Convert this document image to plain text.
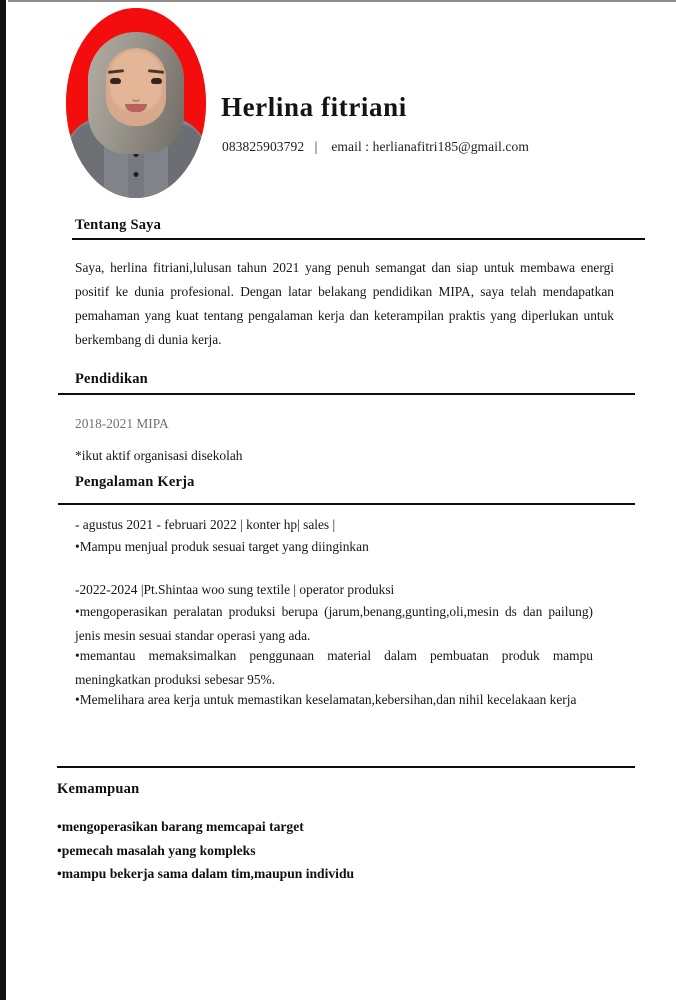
Herlina fitriani
083825903792   |    email : herlianafitri185@gmail.com
Tentang Saya
Saya, herlina fitriani,lulusan tahun 2021 yang penuh semangat dan siap untuk membawa energi positif ke dunia profesional. Dengan latar belakang pendidikan MIPA, saya telah mendapatkan pemahaman yang kuat tentang pengalaman kerja dan keterampilan praktis yang diperlukan untuk berkembang di dunia kerja.
Pendidikan
2018-2021 MIPA
*ikut aktif organisasi disekolah
Pengalaman Kerja
- agustus 2021 - februari 2022 | konter hp| sales |
•Mampu menjual produk sesuai target yang diinginkan
-2022-2024 |Pt.Shintaa woo sung textile | operator produksi
•mengoperasikan peralatan produksi berupa (jarum,benang,gunting,oli,mesin ds dan pailung) jenis mesin sesuai standar operasi yang ada.
•memantau memaksimalkan penggunaan material dalam pembuatan produk mampu meningkatkan produksi sebesar 95%.
•Memelihara area kerja untuk memastikan keselamatan,kebersihan,dan nihil kecelakaan kerja
Kemampuan
•mengoperasikan barang memcapai target
•pemecah masalah yang kompleks
•mampu bekerja sama dalam tim,maupun individu
